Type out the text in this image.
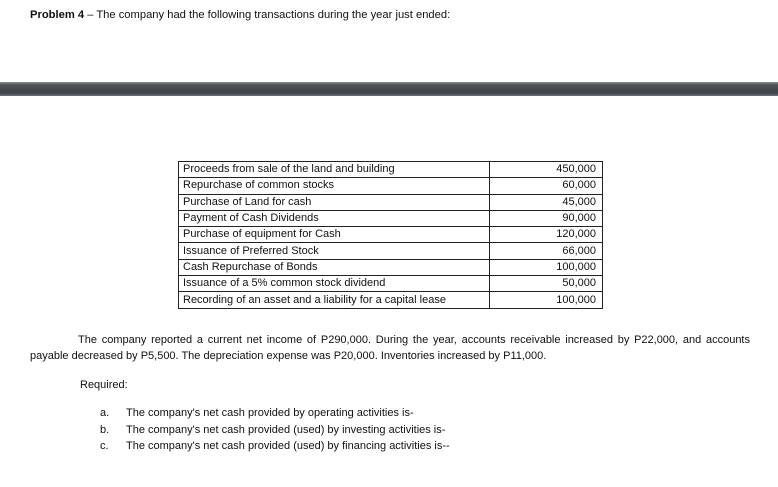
Problem 4 – The company had the following transactions during the year just ended:
Proceeds from sale of the land and building	450,000
Repurchase of common stocks	60,000
Purchase of Land for cash	45,000
Payment of Cash Dividends	90,000
Purchase of equipment for Cash	120,000
Issuance of Preferred Stock	66,000
Cash Repurchase of Bonds	100,000
Issuance of a 5% common stock dividend	50,000
Recording of an asset and a liability for a capital lease	100,000
The company reported a current net income of P290,000. During the year, accounts receivable increased by P22,000, and accounts payable decreased by P5,500. The depreciation expense was P20,000. Inventories increased by P11,000.
Required:
a.	The company's net cash provided by operating activities is-
b.	The company's net cash provided (used) by investing activities is-
c.	The company's net cash provided (used) by financing activities is--
